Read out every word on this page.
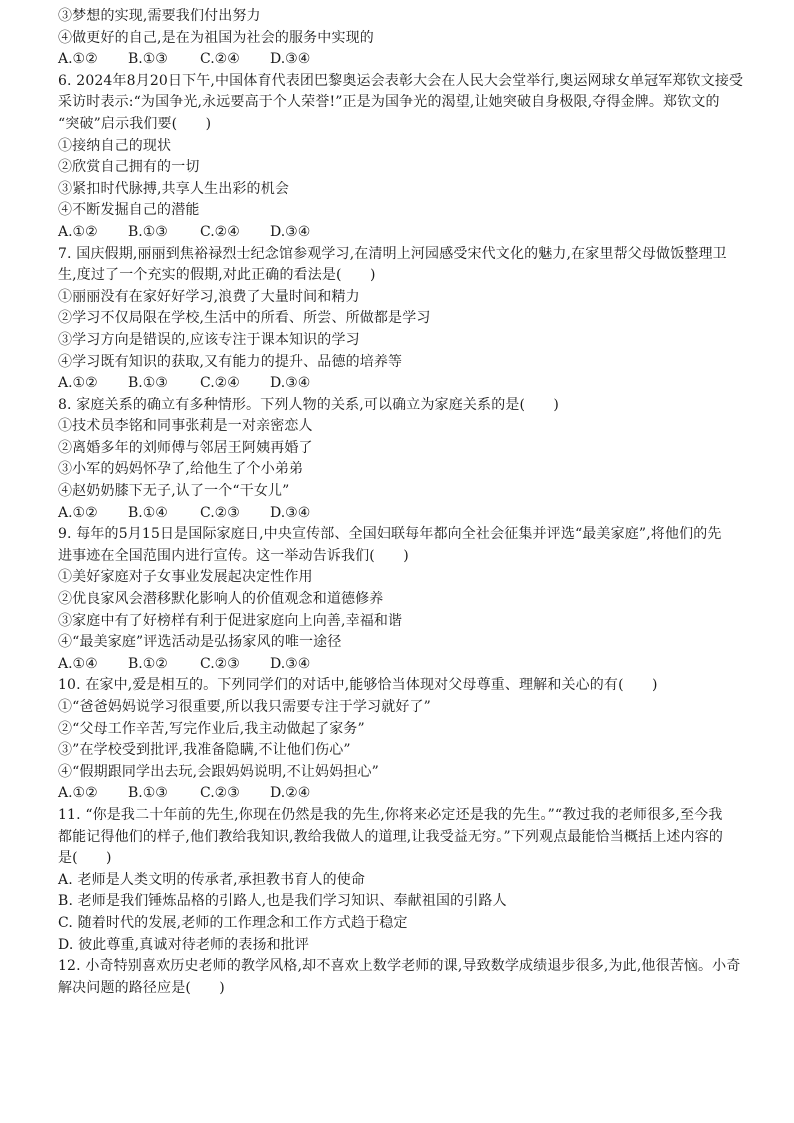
③梦想的实现,需要我们付出努力
④做更好的自己,是在为祖国为社会的服务中实现的
A.①②	B.①③	C.②④	D.③④
6. 2024年8月20日下午,中国体育代表团巴黎奥运会表彰大会在人民大会堂举行,奥运网球女单冠军郑钦文接受
采访时表示:“为国争光,永远要高于个人荣誉!”正是为国争光的渴望,让她突破自身极限,夺得金牌。郑钦文的
“突破”启示我们要(　　)
①接纳自己的现状
②欣赏自己拥有的一切
③紧扣时代脉搏,共享人生出彩的机会
④不断发掘自己的潜能
A.①②	B.①③	C.②④	D.③④
7. 国庆假期,丽丽到焦裕禄烈士纪念馆参观学习,在清明上河园感受宋代文化的魅力,在家里帮父母做饭整理卫
生,度过了一个充实的假期,对此正确的看法是(　　)
①丽丽没有在家好好学习,浪费了大量时间和精力
②学习不仅局限在学校,生活中的所看、所尝、所做都是学习
③学习方向是错误的,应该专注于课本知识的学习
④学习既有知识的获取,又有能力的提升、品德的培养等
A.①②	B.①③	C.②④	D.③④
8. 家庭关系的确立有多种情形。下列人物的关系,可以确立为家庭关系的是(　　)
①技术员李铭和同事张莉是一对亲密恋人
②离婚多年的刘师傅与邻居王阿姨再婚了
③小军的妈妈怀孕了,给他生了个小弟弟
④赵奶奶膝下无子,认了一个“干女儿”
A.①②	B.①④	C.②③	D.③④
9. 每年的5月15日是国际家庭日,中央宣传部、全国妇联每年都向全社会征集并评选“最美家庭”,将他们的先
进事迹在全国范围内进行宣传。这一举动告诉我们(　　)
①美好家庭对子女事业发展起决定性作用
②优良家风会潜移默化影响人的价值观念和道德修养
③家庭中有了好榜样有利于促进家庭向上向善,幸福和谐
④“最美家庭”评选活动是弘扬家风的唯一途径
A.①④	B.①②	C.②③	D.③④
10. 在家中,爱是相互的。下列同学们的对话中,能够恰当体现对父母尊重、理解和关心的有(　　)
①“爸爸妈妈说学习很重要,所以我只需要专注于学习就好了”
②“父母工作辛苦,写完作业后,我主动做起了家务”
③”在学校受到批评,我准备隐瞒,不让他们伤心”
④“假期跟同学出去玩,会跟妈妈说明,不让妈妈担心”
A.①②	B.①③	C.②③	D.②④
11. “你是我二十年前的先生,你现在仍然是我的先生,你将来必定还是我的先生。”“教过我的老师很多,至今我
都能记得他们的样子,他们教给我知识,教给我做人的道理,让我受益无穷。”下列观点最能恰当概括上述内容的
是(　　)
A. 老师是人类文明的传承者,承担教书育人的使命
B. 老师是我们锤炼品格的引路人,也是我们学习知识、奉献祖国的引路人
C. 随着时代的发展,老师的工作理念和工作方式趋于稳定
D. 彼此尊重,真诚对待老师的表扬和批评
12. 小奇特别喜欢历史老师的教学风格,却不喜欢上数学老师的课,导致数学成绩退步很多,为此,他很苦恼。小奇
解决问题的路径应是(　　)
